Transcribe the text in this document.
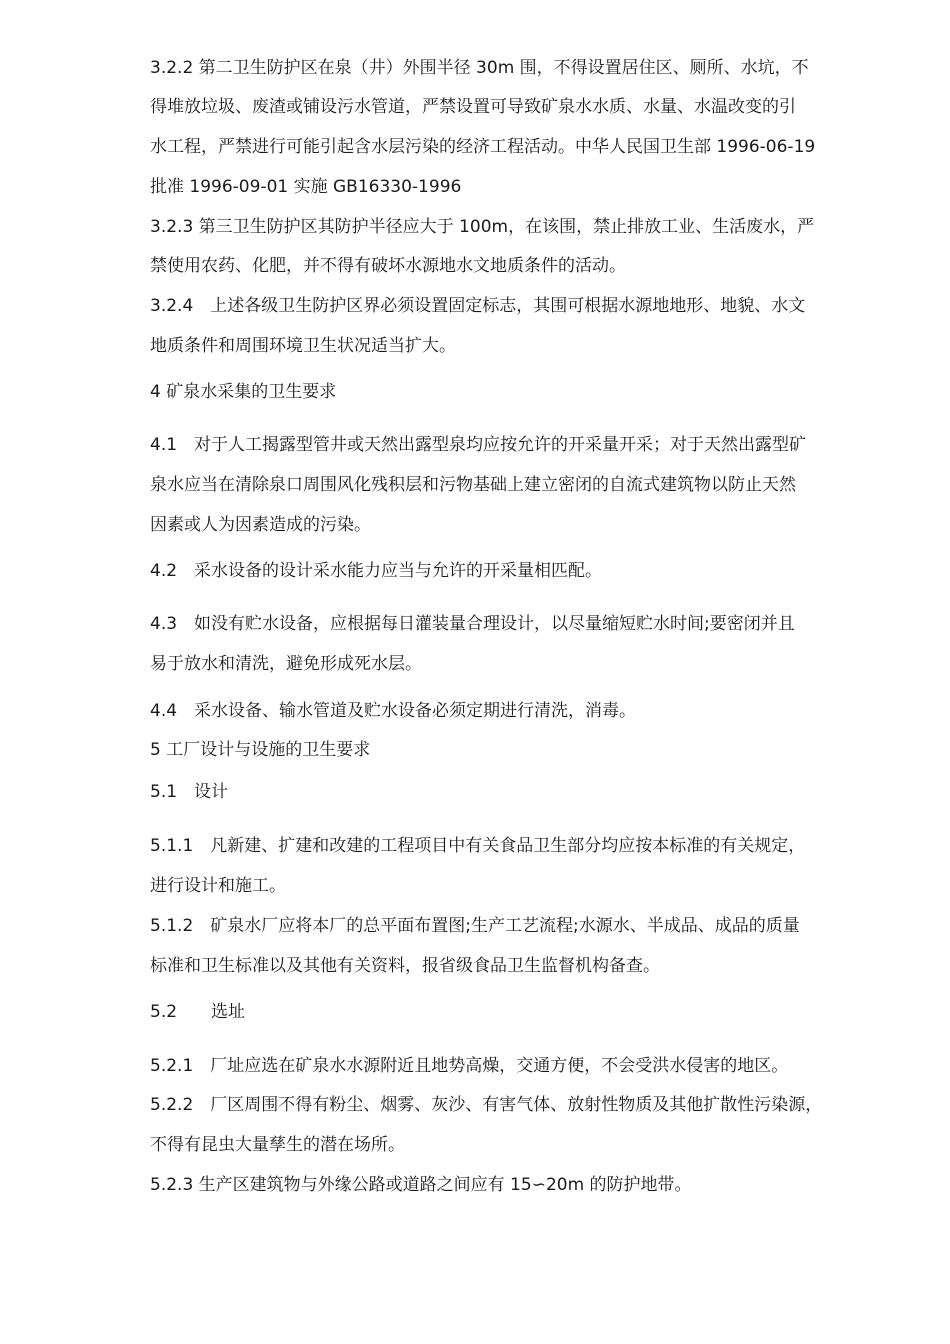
3.2.2 第二卫生防护区在泉（井）外围半径 30m 围，不得设置居住区、厕所、水坑，不
得堆放垃圾、废渣或铺设污水管道，严禁设置可导致矿泉水水质、水量、水温改变的引
水工程，严禁进行可能引起含水层污染的经济工程活动。中华人民国卫生部 1996-06-19
批准 1996-09-01 实施 GB16330-1996
3.2.3 第三卫生防护区其防护半径应大于 100m，在该围，禁止排放工业、生活废水，严
禁使用农药、化肥，并不得有破坏水源地水文地质条件的活动。
3.2.4　上述各级卫生防护区界必须设置固定标志，其围可根据水源地地形、地貌、水文
地质条件和周围环境卫生状况适当扩大。
4 矿泉水采集的卫生要求
4.1　对于人工揭露型管井或天然出露型泉均应按允许的开采量开采；对于天然出露型矿
泉水应当在清除泉口周围风化残积层和污物基础上建立密闭的自流式建筑物以防止天然
因素或人为因素造成的污染。
4.2　采水设备的设计采水能力应当与允许的开采量相匹配。
4.3　如没有贮水设备，应根据每日灌装量合理设计，以尽量缩短贮水时间;要密闭并且
易于放水和清洗，避免形成死水层。
4.4　采水设备、输水管道及贮水设备必须定期进行清洗，消毒。
5 工厂设计与设施的卫生要求
5.1　设计
5.1.1　凡新建、扩建和改建的工程项目中有关食品卫生部分均应按本标准的有关规定，
进行设计和施工。
5.1.2　矿泉水厂应将本厂的总平面布置图;生产工艺流程;水源水、半成品、成品的质量
标准和卫生标准以及其他有关资料，报省级食品卫生监督机构备查。
5.2　　选址
5.2.1　厂址应选在矿泉水水源附近且地势高燥，交通方便，不会受洪水侵害的地区。
5.2.2　厂区周围不得有粉尘、烟雾、灰沙、有害气体、放射性物质及其他扩散性污染源，
不得有昆虫大量孳生的潜在场所。
5.2.3 生产区建筑物与外缘公路或道路之间应有 15∽20m 的防护地带。
